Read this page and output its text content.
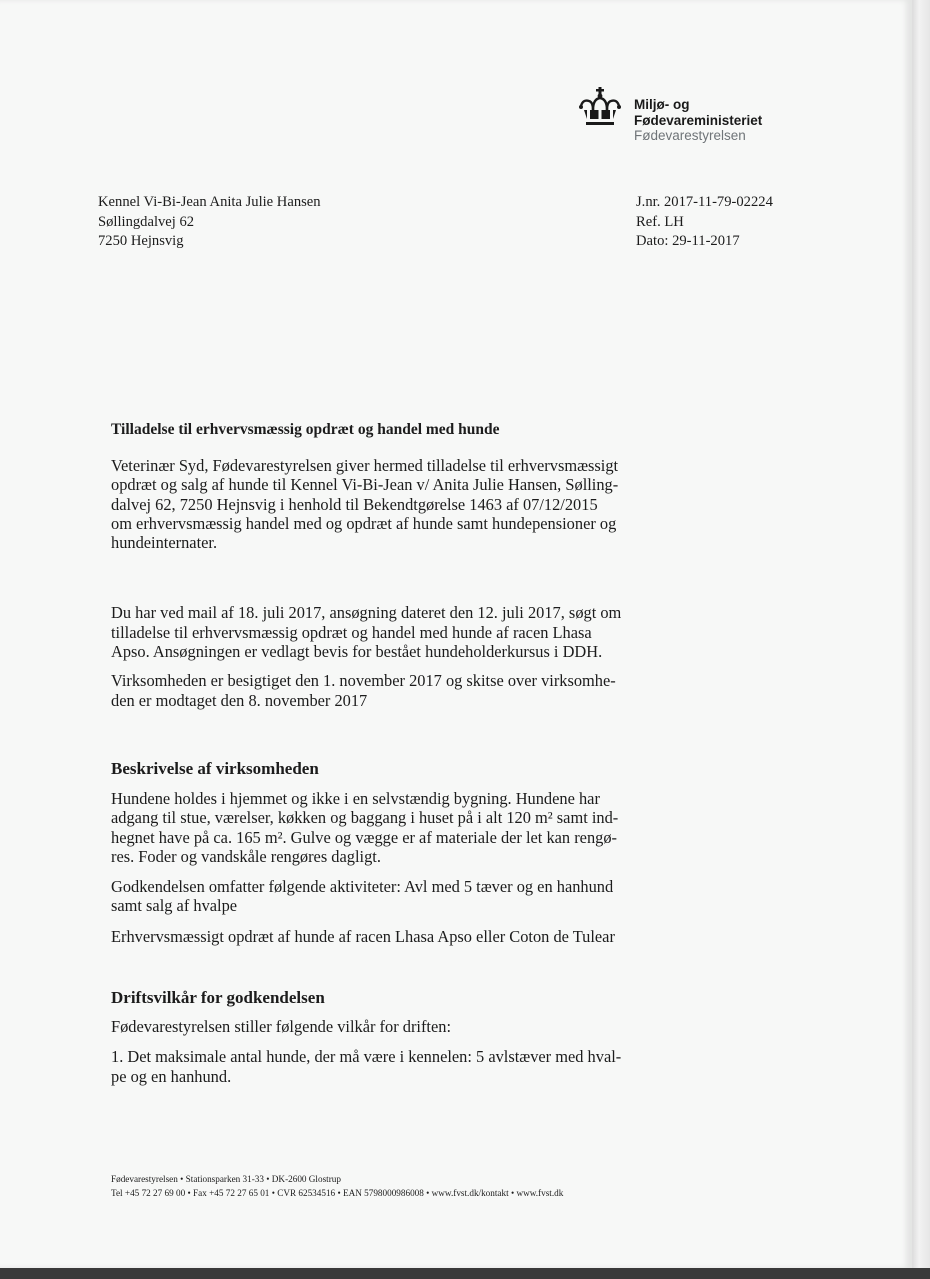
Miljø- og
Fødevareministeriet
Fødevarestyrelsen
Kennel Vi-Bi-Jean Anita Julie Hansen
Søllingdalvej 62
7250 Hejnsvig
J.nr. 2017-11-79-02224
Ref. LH
Dato: 29-11-2017
Tilladelse til erhvervsmæssig opdræt og handel med hunde

Veterinær Syd, Fødevarestyrelsen giver hermed tilladelse til erhvervsmæssigt
opdræt og salg af hunde til Kennel Vi-Bi-Jean v/ Anita Julie Hansen, Sølling-
dalvej 62, 7250 Hejnsvig i henhold til Bekendtgørelse 1463 af 07/12/2015
om erhvervsmæssig handel med og opdræt af hunde samt hundepensioner og
hundeinternater.

Du har ved mail af 18. juli 2017, ansøgning dateret den 12. juli 2017, søgt om
tilladelse til erhvervsmæssig opdræt og handel med hunde af racen Lhasa
Apso. Ansøgningen er vedlagt bevis for bestået hundeholderkursus i DDH.

Virksomheden er besigtiget den 1. november 2017 og skitse over virksomhe-
den er modtaget den 8. november 2017

Beskrivelse af virksomheden

Hundene holdes i hjemmet og ikke i en selvstændig bygning. Hundene har
adgang til stue, værelser, køkken og baggang i huset på i alt 120 m² samt ind-
hegnet have på ca. 165 m². Gulve og vægge er af materiale der let kan rengø-
res. Foder og vandskåle rengøres dagligt.

Godkendelsen omfatter følgende aktiviteter: Avl med 5 tæver og en hanhund
samt salg af hvalpe

Erhvervsmæssigt opdræt af hunde af racen Lhasa Apso eller Coton de Tulear

Driftsvilkår for godkendelsen

Fødevarestyrelsen stiller følgende vilkår for driften:

1. Det maksimale antal hunde, der må være i kennelen: 5 avlstæver med hval-
pe og en hanhund.

Fødevarestyrelsen • Stationsparken 31-33 • DK-2600 Glostrup
Tel +45 72 27 69 00 • Fax +45 72 27 65 01 • CVR 62534516 • EAN 5798000986008 • www.fvst.dk/kontakt • www.fvst.dk
